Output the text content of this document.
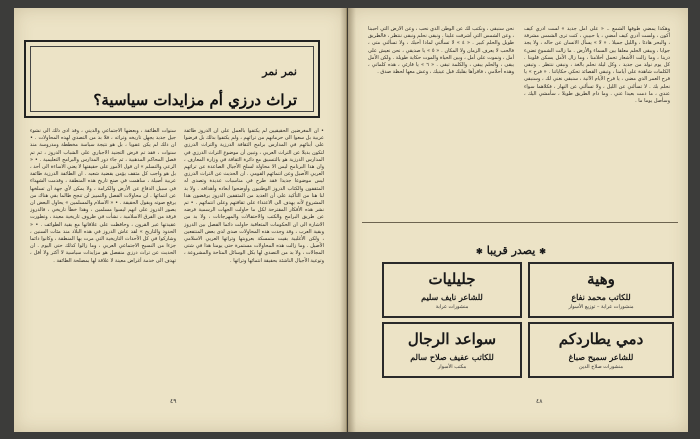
نمر نمر
تراث درزي أم مزايدات سياسية؟

• ان المغرضين الحقيقيين لم يكتفوا بالعمل على أن الدروز طائفة عربية بل سعوا الى حرمانهم من تراثهم ، ولم يكتفوا بذلك بل فرضوا على أبنائهم في المدارس برامج الثقافة الدرزية والتراث الدرزي لتكون بديلا عن التراث العربي ، وتبين أن موضوع التراث الدرزي في المدارس الدرزية هو بالتنسيق مع دائرة الثقافة في وزارة المعارف ، وان هذا البرنامج ليس الا محاولة لسلخ الأجيال الصاعدة عن تراثهم العربي الأصيل وعن انتمائهم القومي . ان الحديث عن التراث الدرزي ليس موضوعا جديدا فقد طرح في مناسبات عديدة وتصدى له المثقفون والكتاب الدروز الوطنيون وأوضحوا أبعاده وأهدافه . ولا بد لنا هنا من التأكيد على أن العديد من المثقفين الدروز يرفضون هذا المشروع لأنه يهدف الى الاعتداء على ثقافتهم وعلى انتمائهم . • تم نشر هذه الأفكار المقترحة لكل ما حاولت الجهات الرسمية فرضه عن طريق البرامج والكتب والاحتفالات والمهرجانات ، ولا بد من الاشارة الى ان الحكومات المتعاقبة حاولت دائما الفصل بين الدروز وبقية العرب ، وقد وجدت هذه المحاولات صدى لدى بعض المنتفعين ، ولكن الأغلبية بقيت متمسكة بعروبتها وتراثها العربي الاسلامي الأصيل . وما زالت هذه المحاولات مستمرة حتى يومنا هذا في شتى المجالات ، ولا بد من التصدي لها بكل الوسائل المتاحة والمشروعة ، وتوعية الأجيال الناشئة بحقيقة انتمائها وتراثها .

سنوات الطائفة ، وبعضها الاجتماعي والديني ، وقد أدى ذلك الى نشوء جيل جديد يجهل تاريخه وتراثه ، فلا بد من التصدي لهذه المحاولات . • ان ذلك لم يكن عفويا ، بل هو نتيجة سياسة مخططة ومدروسة منذ سنوات ، فقد تم فرض التجنيد الاجباري على الشباب الدروز ، ثم تم فصل المحاكم المذهبية ، ثم جاء دور المدارس والبرامج التعليمية . • « الرعي والتسلم » ان قول الأمور على حقيقتها لا يعني الاساءة الى أحد ، بل هو واجب كل مثقف يؤمن بقضية شعبه . ان الطائفة الدرزية طائفة عربية أصيلة ، ساهمت في صنع تاريخ هذه المنطقة ، وقدمت الشهداء في سبيل الدفاع عن الأرض والكرامة ، ولا يمكن لأي جهة أن تسلخها عن انتمائها . ان محاولات الفصل والتمييز لن تنجح طالما بقي هناك من يرفع صوته ويقول الحقيقة . • « الاسلام والمسلمين » يحاول البعض ان يصور الدروز على انهم ليسوا مسلمين ، وهذا خطأ تاريخي ، فالدروز فرقة من الفرق الاسلامية ، نشأت في ظروف تاريخية معينة ، وتطورت عقيدتها عبر القرون ، وحافظت على علاقاتها مع بقية الطوائف . • « الحدود والتاريخ » لقد عاش الدروز في هذه البلاد منذ مئات السنين ، وشاركوا في كل الأحداث التاريخية التي مرت بها المنطقة ، وكانوا دائما جزءا من النسيج الاجتماعي العربي ، وما زالوا كذلك حتى اليوم . ان الحديث عن تراث درزي منفصل هو مزايدات سياسية لا أكثر ولا أقل ، تهدف الى خدمة أغراض معينة لا علاقة لها بمصلحة الطائفة .

٤٩

وهكذا يمضي طوفها الشمع .. « على أمل جديد » لست أدري كيف أكون ، ولست أدري كيف أمضي ، يا حبيبي ، كنت ترى الشمس مشرقة ، والبحر هادئا ، والليل جميلا . « لا » يسأل الانسان عن حاله ، ولا يجد جوابا ، ويبقى الحلم معلقا بين السماء والأرض . ما زالت الشموع تضيء دربنا ، وما زالت الأشعار تحمل أحلامنا ، وما زال الأمل يسكن قلوبنا . كل يوم نولد من جديد ، وكل ليلة نحلم بالغد ، ونبقى ننتظر . وتبقى الكلمات شاهدة على أيامنا ، وتبقى القصائد تحكي حكاياتنا . « فرح » يا فرح العمر الذي مضى ، يا فرح الأيام الآتية ، سنبقى نغني لك ، وسنبقى نحلم بك . لا تسألني عن الليل ، ولا تسألني عن النهار ، فكلاهما سواء عندي ، ما دمت بعيدا عني . وما دام الطريق طويلا ، سأمشي اليك ، وسأصل يوما ما .

نحن سنبقى ، ونكتب لك عن الوطن الذي نحب ، وعن الأرض التي أحببنا ، وعن الشمس التي أشرقت علينا . ونبقى نحلم ونبقى ننتظر ، فالطريق طويل والحلم كبير . « ٤ » لا تسألني لماذا أحبك ، ولا تسألني متى ، فالحب لا يعرف الزمان ولا المكان . « ٥ » يا صديقي ، نحن نعيش على أمل ، ونموت على أمل ، وبين الحياة والموت حكاية طويلة . ولكن الأمل يبقى ، والحلم يبقى ، والكلمة تبقى . « ٦ » يا قارئي ، هذه كلماتي ، وهذه أحلامي ، فاقرأها بقلبك قبل عينيك ، وعش معها لحظة صدق .

✱يصدر قريبا✱
وهية
للكاتب محمد نفاع
منشورات عرابة – توزيع الأسوار
جليليات
للشاعر نايف سليم
منشورات عرابة
دمي يطاردكم
للشاعر سميح صباغ
منشورات صلاح الدين
سواعد الرجال
للكاتب عفيف صلاح سالم
مكتب الأسوار
٤٨
